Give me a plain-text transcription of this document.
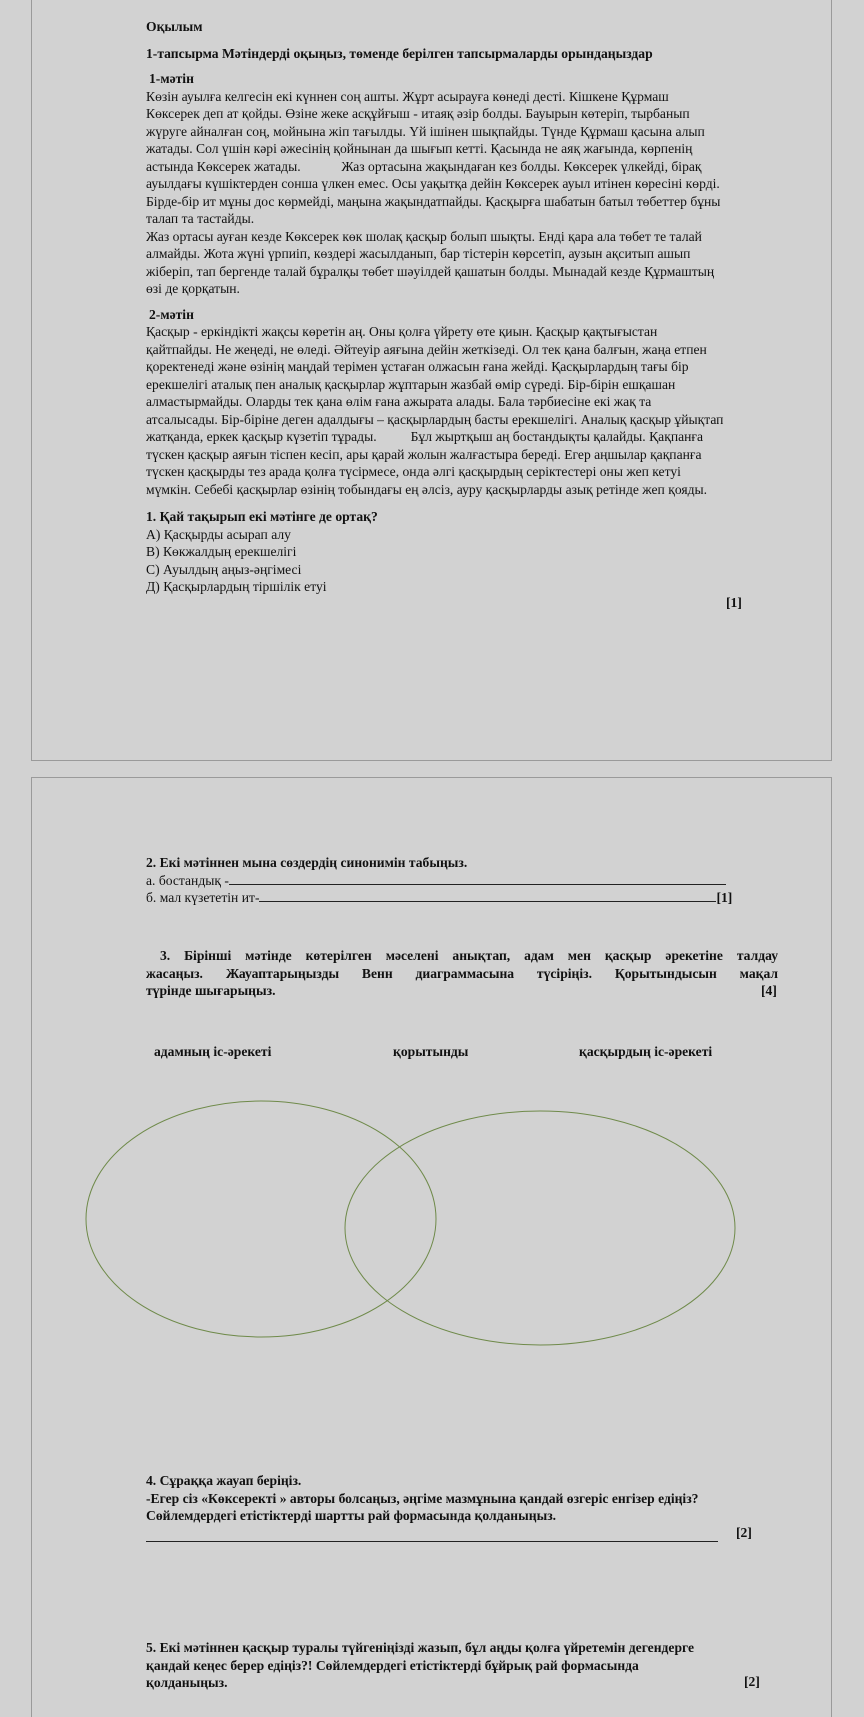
Оқылым

1-тапсырма Мәтіндерді оқыңыз, төменде берілген тапсырмаларды орындаңыздар

1-мәтін

Көзін ауылға келгесін екі күннен соң ашты. Жұрт асырауға көнеді десті. Кішкене Құрмаш

Көксерек деп ат қойды. Өзіне жеке асқұйғыш - итаяқ әзір болды. Бауырын көтеріп, тырбанып

жүруге айналған соң, мойнына жіп тағылды. Үй ішінен шықпайды. Түнде Құрмаш қасына алып

жатады. Сол үшін кәрі әжесінің қойнынан да шығып кетті. Қасында не аяқ жағында, көрпенің

астында Көксерек жатады.            Жаз ортасына жақындаған кез болды. Көксерек үлкейді, бірақ

ауылдағы күшіктерден сонша үлкен емес. Осы уақытқа дейін Көксерек ауыл итінен көресіні көрді.

Бірде-бір ит мұны дос көрмейді, маңына жақындатпайды. Қасқырға шабатын батыл төбеттер бұны

талап та тастайды.

Жаз ортасы ауған кезде Көксерек көк шолақ қасқыр болып шықты. Енді қара ала төбет те талай

алмайды. Жота жүні үрпиіп, көздері жасылданып, бар тістерін көрсетіп, аузын ақситып ашып

жіберіп, тап бергенде талай бұралқы төбет шәуілдей қашатын болды. Мынадай кезде Құрмаштың

өзі де қорқатын.

2-мәтін

Қасқыр - еркіндікті жақсы көретін аң. Оны қолға үйрету өте қиын. Қасқыр қақтығыстан

қайтпайды. Не жеңеді, не өледі. Әйтеуір аяғына дейін жеткізеді. Ол тек қана балғын, жаңа етпен

қоректенеді және өзінің маңдай терімен ұстаған олжасын ғана жейді. Қасқырлардың тағы бір

ерекшелігі аталық пен аналық қасқырлар жұптарын жазбай өмір сүреді. Бір-бірін ешқашан

алмастырмайды. Оларды тек қана өлім ғана ажырата алады. Бала тәрбиесіне екі жақ та

атсалысады. Бір-біріне деген адалдығы – қасқырлардың басты ерекшелігі. Аналық қасқыр ұйықтап

жатқанда, еркек қасқыр күзетіп тұрады.          Бұл жыртқыш аң бостандықты қалайды. Қақпанға

түскен қасқыр аяғын тіспен кесіп, ары қарай жолын жалғастыра береді. Егер аңшылар қақпанға

түскен қасқырды тез арада қолға түсірмесе, онда әлгі қасқырдың серіктестері оны жеп кетуі

мүмкін. Себебі қасқырлар өзінің тобындағы ең әлсіз, ауру қасқырларды азық ретінде жеп қояды.

1. Қай тақырып екі мәтінге де ортақ?

А) Қасқырды асырап алу

В) Көкжалдың ерекшелігі

С) Ауылдың аңыз-әңгімесі

Д) Қасқырлардың тіршілік етуі

[1]

2. Екі мәтіннен мына сөздердің синонимін табыңыз.

а. бостандық -

б. мал күзететін ит-	[1]

3. Бірінші мәтінде көтерілген мәселені анықтап, адам мен қасқыр әрекетіне талдау

жасаңыз. Жауаптарыңызды Венн диаграммасына түсіріңіз. Қорытындысын мақал

түрінде шығарыңыз.	[4]
адамның іс-әрекеті	қорытынды	қасқырдың іс-әрекеті

4. Сұраққа жауап беріңіз.

-Егер сіз «Көксеректі » авторы болсаңыз, әңгіме мазмұнына қандай өзгеріс енгізер едіңіз?

Сөйлемдердегі етістіктерді шартты рай формасында қолданыңыз.

[2]

5. Екі мәтіннен қасқыр туралы түйгеніңізді жазып, бұл аңды қолға үйретемін дегендерге

қандай кеңес берер едіңіз?! Сөйлемдердегі етістіктерді бұйрық рай формасында

қолданыңыз.	[2]
